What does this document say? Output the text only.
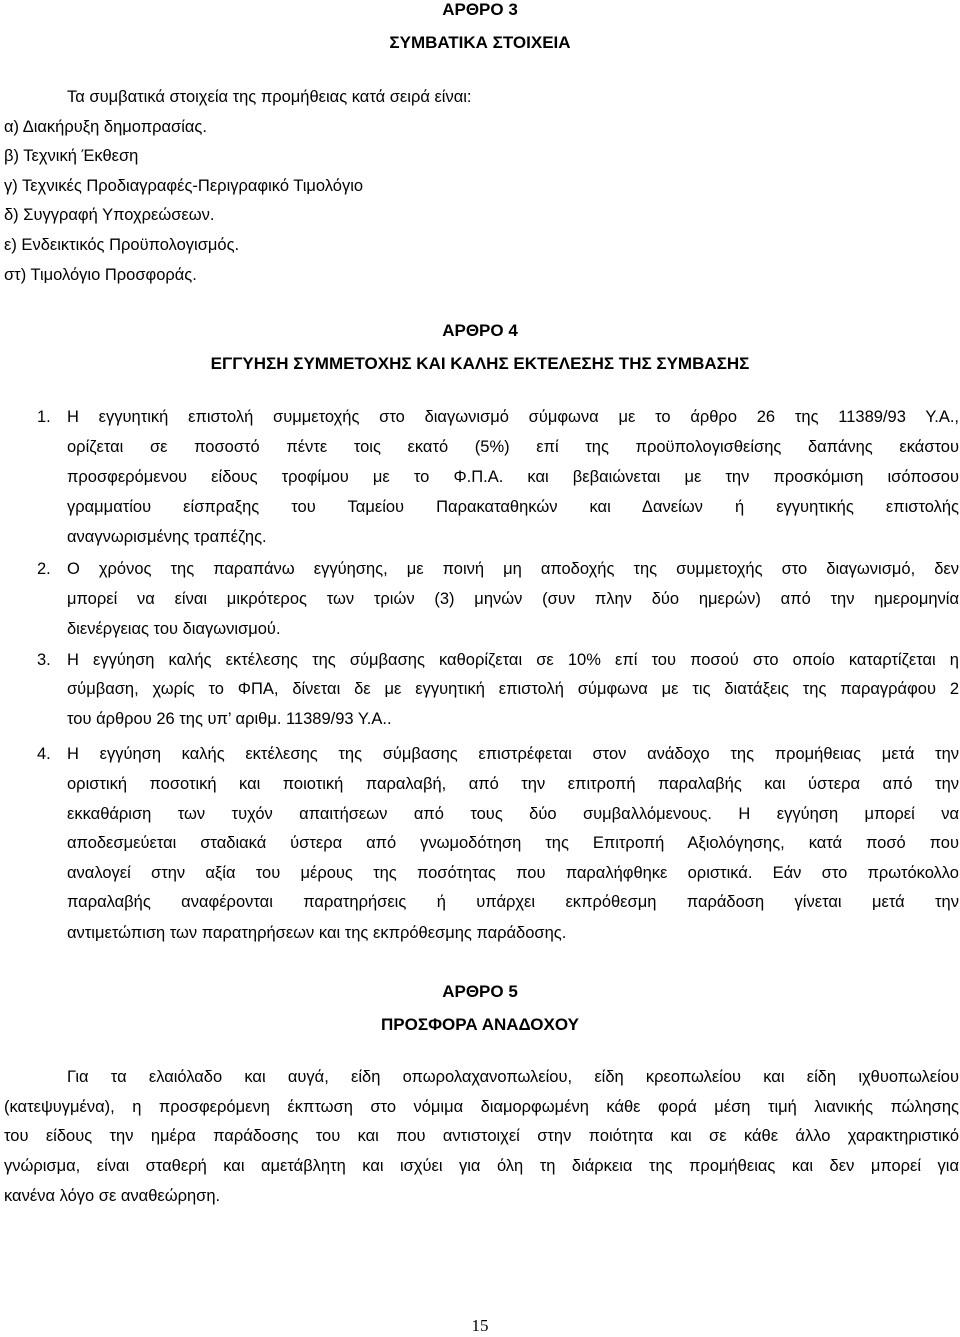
ΑΡΘΡΟ 3
ΣΥΜΒΑΤΙΚΑ ΣΤΟΙΧΕΙΑ
Τα συμβατικά στοιχεία της προμήθειας κατά σειρά είναι:
α) Διακήρυξη δημοπρασίας.
β) Τεχνική Έκθεση
γ) Τεχνικές Προδιαγραφές-Περιγραφικό Τιμολόγιο
δ) Συγγραφή Υποχρεώσεων.
ε) Ενδεικτικός Προϋπολογισμός.
στ) Τιμολόγιο Προσφοράς.
ΑΡΘΡΟ 4
ΕΓΓΥΗΣΗ ΣΥΜΜΕΤΟΧΗΣ ΚΑΙ ΚΑΛΗΣ ΕΚΤΕΛΕΣΗΣ ΤΗΣ ΣΥΜΒΑΣΗΣ
1. Η εγγυητική επιστολή συμμετοχής στο διαγωνισμό σύμφωνα με το άρθρο 26 της 11389/93 Υ.Α.,
ορίζεται σε ποσοστό πέντε τοις εκατό (5%) επί της προϋπολογισθείσης δαπάνης εκάστου
προσφερόμενου είδους τροφίμου με το Φ.Π.Α. και βεβαιώνεται με την προσκόμιση ισόποσου
γραμματίου είσπραξης του Ταμείου Παρακαταθηκών και Δανείων ή εγγυητικής επιστολής
αναγνωρισμένης τραπέζης.
2. Ο χρόνος της παραπάνω εγγύησης, με ποινή μη αποδοχής της συμμετοχής στο διαγωνισμό, δεν
μπορεί να είναι μικρότερος των τριών (3) μηνών (συν πλην δύο ημερών) από την ημερομηνία
διενέργειας του διαγωνισμού.
3. Η εγγύηση καλής εκτέλεσης της σύμβασης καθορίζεται σε 10% επί του ποσού στο οποίο καταρτίζεται η
σύμβαση, χωρίς το ΦΠΑ, δίνεται δε με εγγυητική επιστολή σύμφωνα με τις διατάξεις της παραγράφου 2
του άρθρου 26 της υπ’ αριθμ. 11389/93 Υ.Α..
4. Η εγγύηση καλής εκτέλεσης της σύμβασης επιστρέφεται στον ανάδοχο της προμήθειας μετά την
οριστική ποσοτική και ποιοτική παραλαβή, από την επιτροπή παραλαβής και ύστερα από την
εκκαθάριση των τυχόν απαιτήσεων από τους δύο συμβαλλόμενους. Η εγγύηση μπορεί να
αποδεσμεύεται σταδιακά ύστερα από γνωμοδότηση της Επιτροπή Αξιολόγησης, κατά ποσό που
αναλογεί στην αξία του μέρους της ποσότητας που παραλήφθηκε οριστικά. Εάν στο πρωτόκολλο
παραλαβής αναφέρονται παρατηρήσεις ή υπάρχει εκπρόθεσμη παράδοση γίνεται μετά την
αντιμετώπιση των παρατηρήσεων και της εκπρόθεσμης παράδοσης.
ΑΡΘΡΟ 5
ΠΡΟΣΦΟΡΑ ΑΝΑΔΟΧΟΥ
Για τα ελαιόλαδο και αυγά, είδη οπωρολαχανοπωλείου, είδη κρεοπωλείου και είδη ιχθυοπωλείου
(κατεψυγμένα), η προσφερόμενη έκπτωση στο νόμιμα διαμορφωμένη κάθε φορά μέση τιμή λιανικής πώλησης
του είδους την ημέρα παράδοσης του και που αντιστοιχεί στην ποιότητα και σε κάθε άλλο χαρακτηριστικό
γνώρισμα, είναι σταθερή και αμετάβλητη και ισχύει για όλη τη διάρκεια της προμήθειας και δεν μπορεί για
κανένα λόγο σε αναθεώρηση.
15
